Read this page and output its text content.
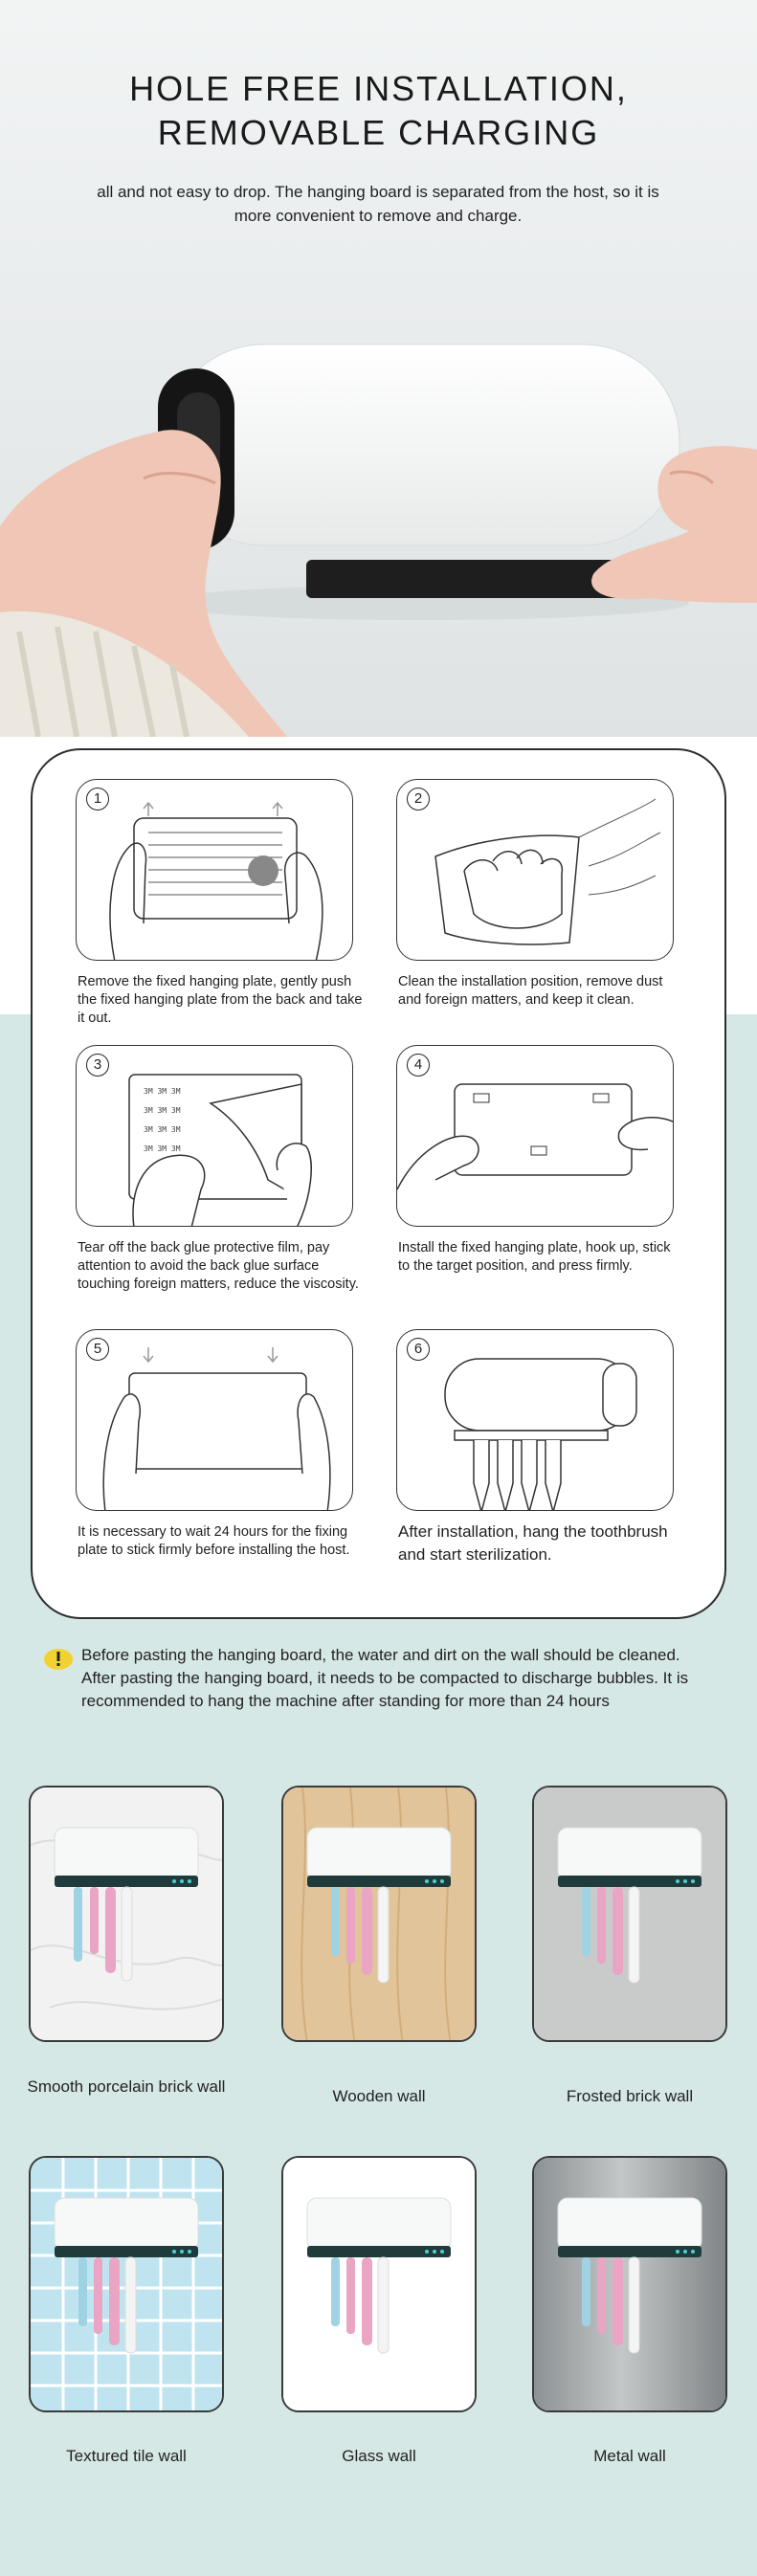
HOLE FREE INSTALLATION,
REMOVABLE CHARGING
all and not easy to drop. The hanging board is separated from the host, so it is more convenient to remove and charge.
1
Remove the fixed hanging plate, gently push the fixed hanging plate from the back and take it out.
2
Clean the installation position, remove dust and foreign matters, and keep it clean.
3
3M 3M 3M
3M 3M 3M
3M 3M 3M
3M 3M 3M
Tear off the back glue protective film, pay attention to avoid the back glue surface touching foreign matters, reduce the viscosity.
4
Install the fixed hanging plate, hook up, stick to the target position, and press firmly.
5
It is necessary to wait 24 hours for the fixing plate to stick firmly before installing the host.
6
After installation, hang the toothbrush and start sterilization.
Before pasting the hanging board, the water and dirt on the wall should be cleaned. After pasting the hanging board, it needs to be compacted to discharge bubbles. It is recommended to hang the machine after standing for more than 24 hours
Smooth porcelain brick wall
Wooden wall	Frosted brick wall
Textured tile wall	Glass wall	Metal wall
